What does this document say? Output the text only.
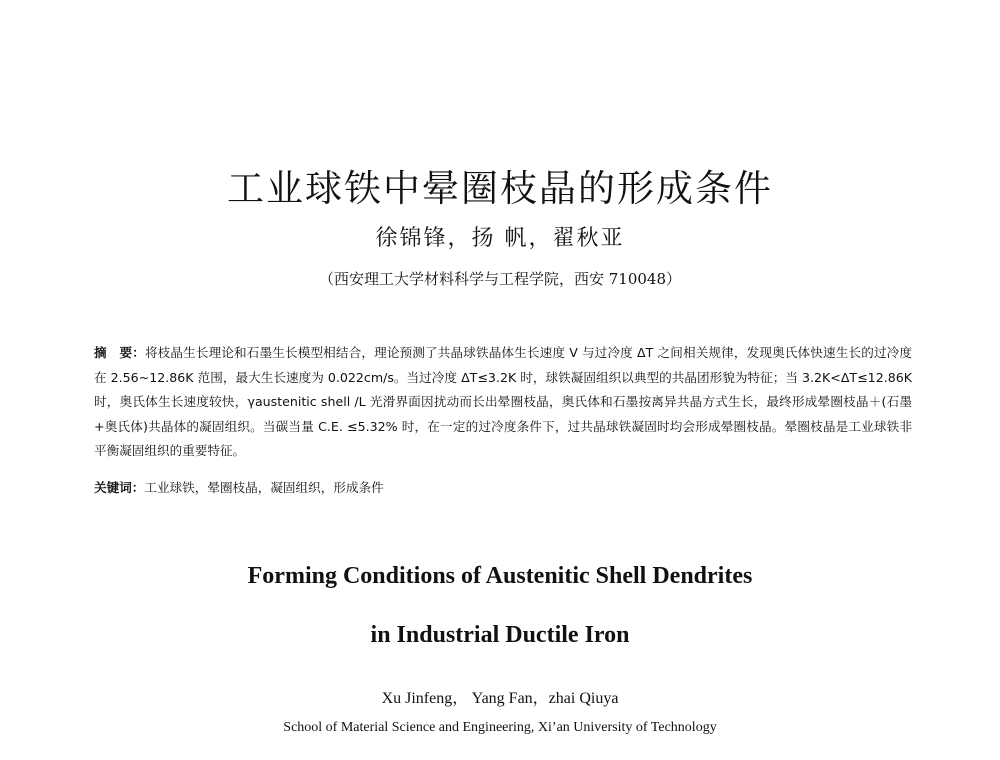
工业球铁中晕圈枝晶的形成条件
徐锦锋，扬 帆，翟秋亚
（西安理工大学材料科学与工程学院，西安 710048）
摘　要：将枝晶生长理论和石墨生长模型相结合，理论预测了共晶球铁晶体生长速度 V 与过冷度 ΔT 之间相关规律，发现奥氏体快速生长的过冷度在 2.56~12.86K 范围，最大生长速度为 0.022cm/s。当过冷度 ΔT≤3.2K 时，球铁凝固组织以典型的共晶团形貌为特征；当 3.2K<ΔT≤12.86K 时，奥氏体生长速度较快，γaustenitic shell /L 光滑界面因扰动而长出晕圈枝晶，奥氏体和石墨按离异共晶方式生长，最终形成晕圈枝晶＋(石墨+奥氏体)共晶体的凝固组织。当碳当量 C.E. ≤5.32% 时，在一定的过冷度条件下，过共晶球铁凝固时均会形成晕圈枝晶。晕圈枝晶是工业球铁非平衡凝固组织的重要特征。
关键词：工业球铁，晕圈枝晶，凝固组织，形成条件
Forming Conditions of Austenitic Shell Dendrites
in Industrial Ductile Iron
Xu Jinfeng， Yang Fan，zhai Qiuya
School of Material Science and Engineering, Xi’an University of Technology
